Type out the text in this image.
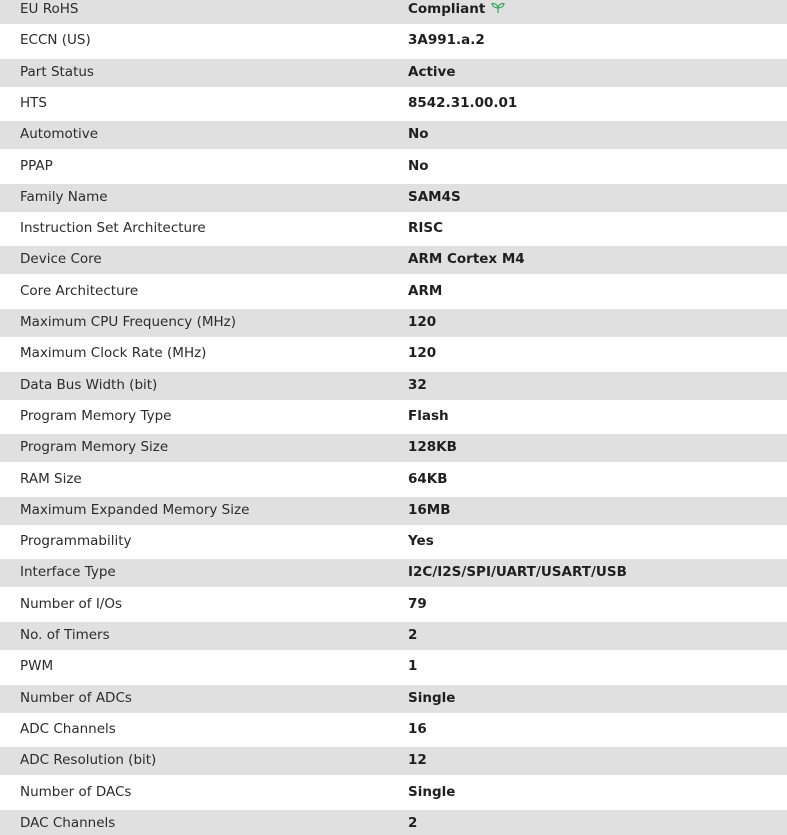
EU RoHS	Compliant
ECCN (US)	3A991.a.2
Part Status	Active
HTS	8542.31.00.01
Automotive	No
PPAP	No
Family Name	SAM4S
Instruction Set Architecture	RISC
Device Core	ARM Cortex M4
Core Architecture	ARM
Maximum CPU Frequency (MHz)	120
Maximum Clock Rate (MHz)	120
Data Bus Width (bit)	32
Program Memory Type	Flash
Program Memory Size	128KB
RAM Size	64KB
Maximum Expanded Memory Size	16MB
Programmability	Yes
Interface Type	I2C/I2S/SPI/UART/USART/USB
Number of I/Os	79
No. of Timers	2
PWM	1
Number of ADCs	Single
ADC Channels	16
ADC Resolution (bit)	12
Number of DACs	Single
DAC Channels	2
